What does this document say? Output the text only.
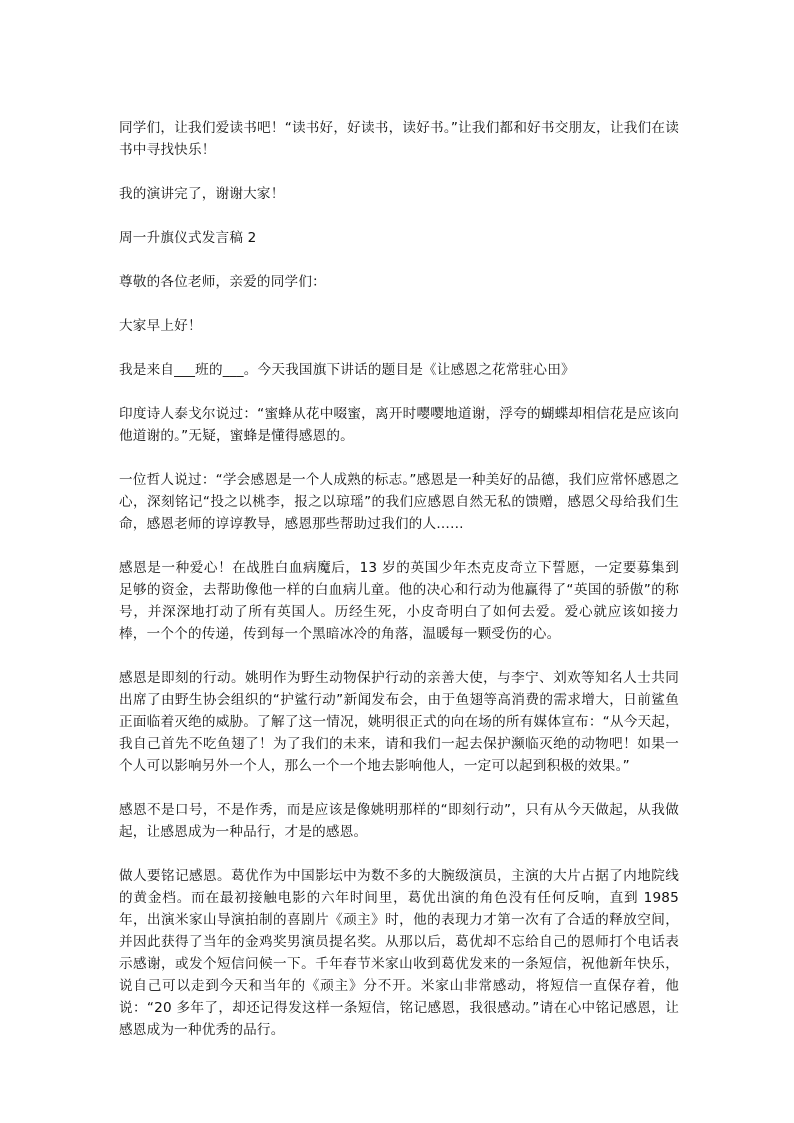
同学们，让我们爱读书吧！“读书好，好读书，读好书。”让我们都和好书交朋友，让我们在读书中寻找快乐！

我的演讲完了，谢谢大家！

周一升旗仪式发言稿 2

尊敬的各位老师，亲爱的同学们：

大家早上好！

我是来自___班的___。今天我国旗下讲话的题目是《让感恩之花常驻心田》

印度诗人泰戈尔说过：“蜜蜂从花中啜蜜，离开时嘤嘤地道谢，浮夸的蝴蝶却相信花是应该向他道谢的。”无疑，蜜蜂是懂得感恩的。

一位哲人说过：“学会感恩是一个人成熟的标志。”感恩是一种美好的品德，我们应常怀感恩之心，深刻铭记“投之以桃李，报之以琼瑶”的我们应感恩自然无私的馈赠，感恩父母给我们生命，感恩老师的谆谆教导，感恩那些帮助过我们的人……

感恩是一种爱心！在战胜白血病魔后，13 岁的英国少年杰克皮奇立下誓愿，一定要募集到足够的资金，去帮助像他一样的白血病儿童。他的决心和行动为他赢得了“英国的骄傲”的称号，并深深地打动了所有英国人。历经生死，小皮奇明白了如何去爱。爱心就应该如接力棒，一个个的传递，传到每一个黑暗冰冷的角落，温暖每一颗受伤的心。

感恩是即刻的行动。姚明作为野生动物保护行动的亲善大使，与李宁、刘欢等知名人士共同出席了由野生协会组织的“护鲨行动”新闻发布会，由于鱼翅等高消费的需求增大，日前鲨鱼正面临着灭绝的威胁。了解了这一情况，姚明很正式的向在场的所有媒体宣布：“从今天起，我自己首先不吃鱼翅了！为了我们的未来，请和我们一起去保护濒临灭绝的动物吧！如果一个人可以影响另外一个人，那么一个一个地去影响他人，一定可以起到积极的效果。”

感恩不是口号，不是作秀，而是应该是像姚明那样的“即刻行动”，只有从今天做起，从我做起，让感恩成为一种品行，才是的感恩。

做人要铭记感恩。葛优作为中国影坛中为数不多的大腕级演员，主演的大片占据了内地院线的黄金档。而在最初接触电影的六年时间里，葛优出演的角色没有任何反响，直到 1985 年，出演米家山导演拍制的喜剧片《顽主》时，他的表现力才第一次有了合适的释放空间，并因此获得了当年的金鸡奖男演员提名奖。从那以后，葛优却不忘给自己的恩师打个电话表示感谢，或发个短信问候一下。千年春节米家山收到葛优发来的一条短信，祝他新年快乐，说自己可以走到今天和当年的《顽主》分不开。米家山非常感动，将短信一直保存着，他说：“20 多年了，却还记得发这样一条短信，铭记感恩，我很感动。”请在心中铭记感恩，让感恩成为一种优秀的品行。
